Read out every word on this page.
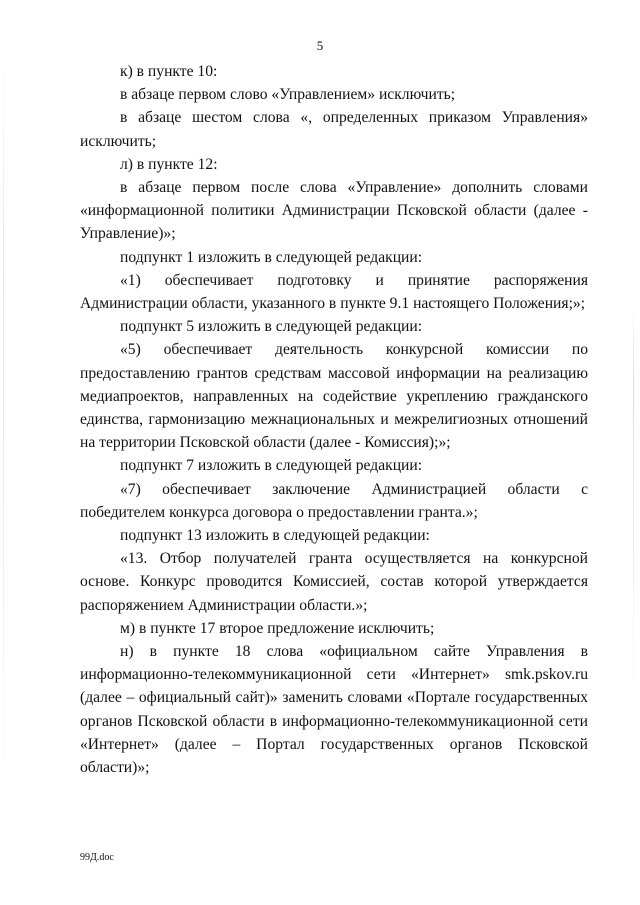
5

к) в пункте 10:

в абзаце первом слово «Управлением» исключить;

в абзаце шестом слова «, определенных приказом Управления» исключить;

л) в пункте 12:

в абзаце первом после слова «Управление» дополнить словами «информационной политики Администрации Псковской области (далее - Управление)»;

подпункт 1 изложить в следующей редакции:

«1) обеспечивает подготовку и принятие распоряжения Администрации области, указанного в пункте 9.1 настоящего Положения;»;

подпункт 5 изложить в следующей редакции:

«5) обеспечивает деятельность конкурсной комиссии по предоставлению грантов средствам массовой информации на реализацию медиапроектов, направленных на содействие укреплению гражданского единства, гармонизацию межнациональных и межрелигиозных отношений на территории Псковской области (далее - Комиссия);»;

подпункт 7 изложить в следующей редакции:

«7) обеспечивает заключение Администрацией области с победителем конкурса договора о предоставлении гранта.»;

подпункт 13 изложить в следующей редакции:

«13. Отбор получателей гранта осуществляется на конкурсной основе. Конкурс проводится Комиссией, состав которой утверждается распоряжением Администрации области.»;

м) в пункте 17 второе предложение исключить;

н) в пункте 18 слова «официальном сайте Управления в информационно-телекоммуникационной сети «Интернет» smk.pskov.ru (далее – официальный сайт)» заменить словами «Портале государственных органов Псковской области в информационно-телекоммуникационной сети «Интернет» (далее – Портал государственных органов Псковской области)»;

99Д.doc
